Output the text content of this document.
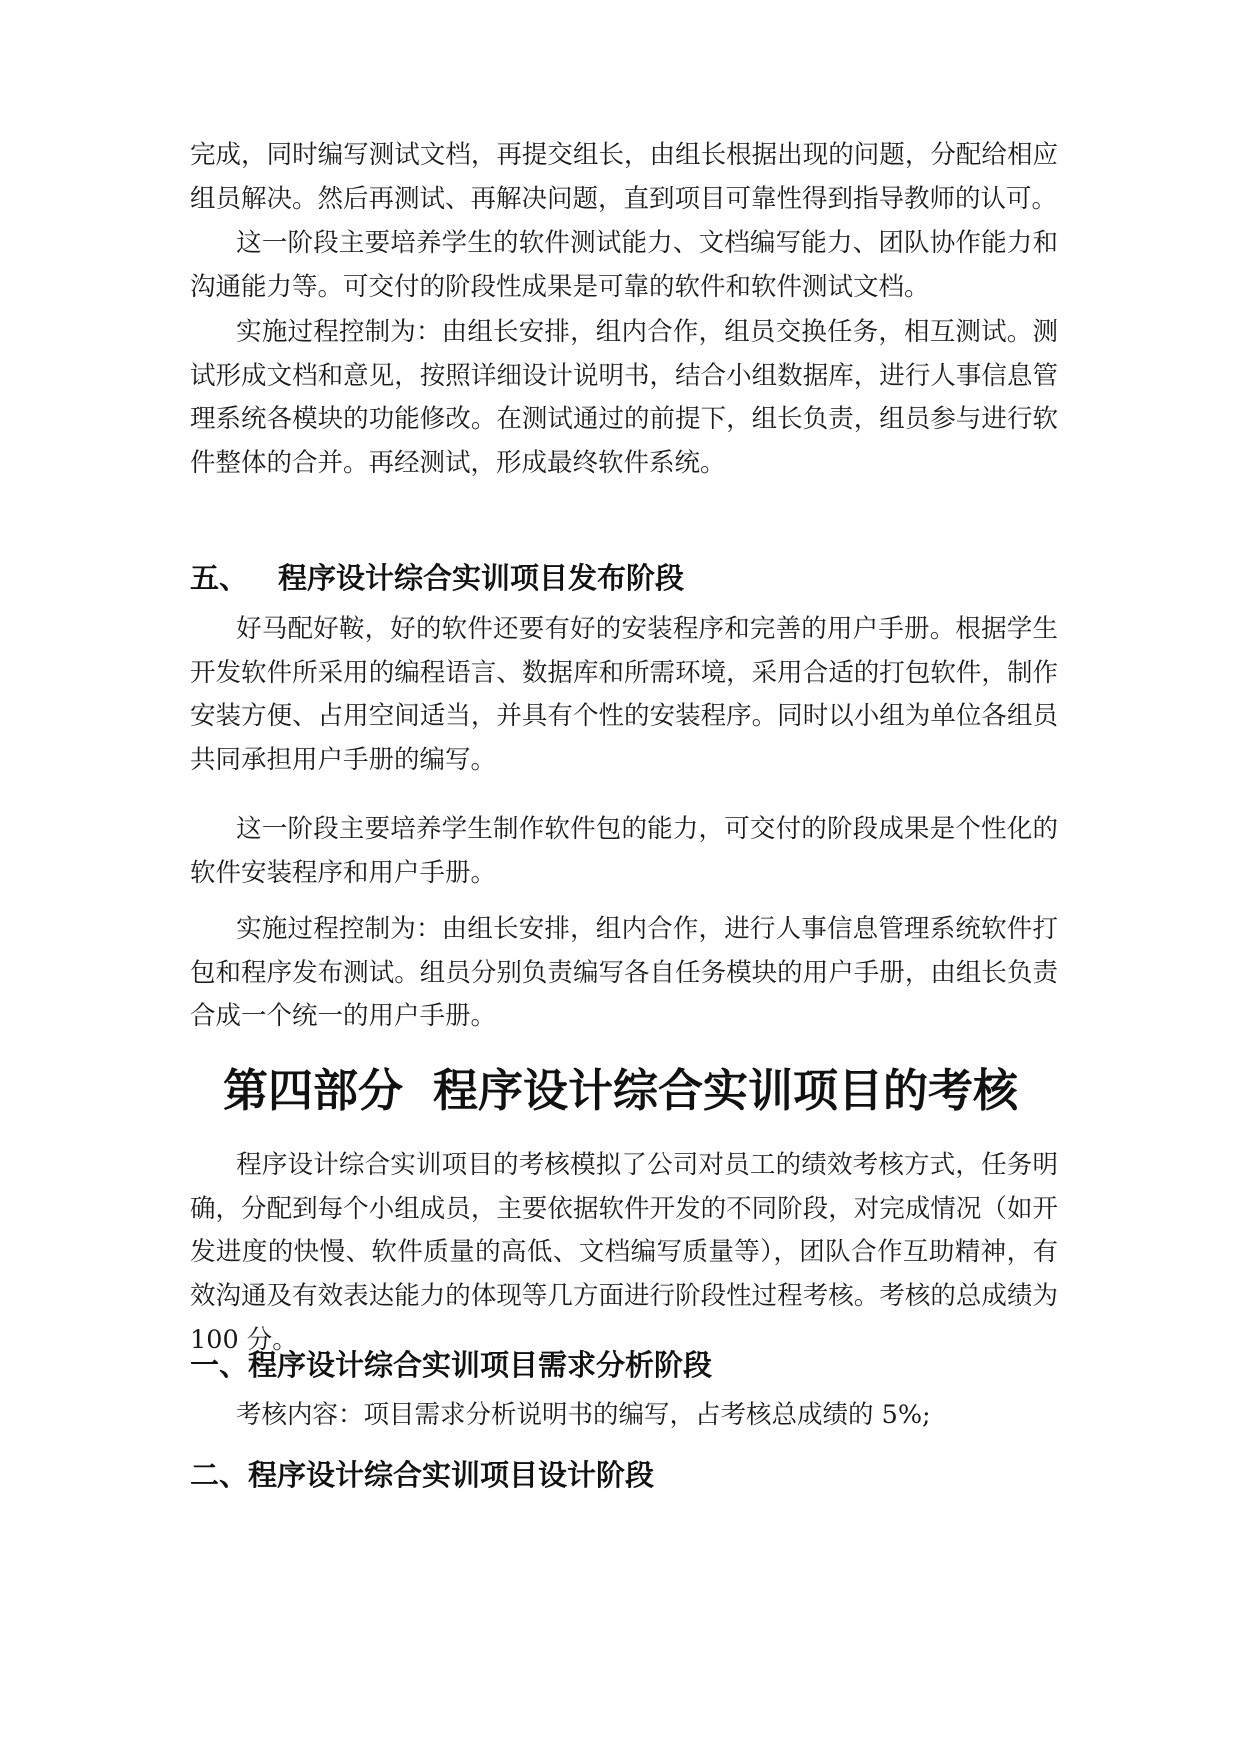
完成，同时编写测试文档，再提交组长，由组长根据出现的问题，分配给相应组员解决。然后再测试、再解决问题，直到项目可靠性得到指导教师的认可。

这一阶段主要培养学生的软件测试能力、文档编写能力、团队协作能力和沟通能力等。可交付的阶段性成果是可靠的软件和软件测试文档。

实施过程控制为：由组长安排，组内合作，组员交换任务，相互测试。测试形成文档和意见，按照详细设计说明书，结合小组数据库，进行人事信息管理系统各模块的功能修改。在测试通过的前提下，组长负责，组员参与进行软件整体的合并。再经测试，形成最终软件系统。

五、 程序设计综合实训项目发布阶段

好马配好鞍，好的软件还要有好的安装程序和完善的用户手册。根据学生开发软件所采用的编程语言、数据库和所需环境，采用合适的打包软件，制作安装方便、占用空间适当，并具有个性的安装程序。同时以小组为单位各组员共同承担用户手册的编写。

这一阶段主要培养学生制作软件包的能力，可交付的阶段成果是个性化的软件安装程序和用户手册。

实施过程控制为：由组长安排，组内合作，进行人事信息管理系统软件打包和程序发布测试。组员分别负责编写各自任务模块的用户手册，由组长负责合成一个统一的用户手册。

第四部分 程序设计综合实训项目的考核

程序设计综合实训项目的考核模拟了公司对员工的绩效考核方式，任务明确，分配到每个小组成员，主要依据软件开发的不同阶段，对完成情况（如开发进度的快慢、软件质量的高低、文档编写质量等），团队合作互助精神，有效沟通及有效表达能力的体现等几方面进行阶段性过程考核。考核的总成绩为 100 分。

一、程序设计综合实训项目需求分析阶段

考核内容：项目需求分析说明书的编写，占考核总成绩的 5%;

二、程序设计综合实训项目设计阶段
